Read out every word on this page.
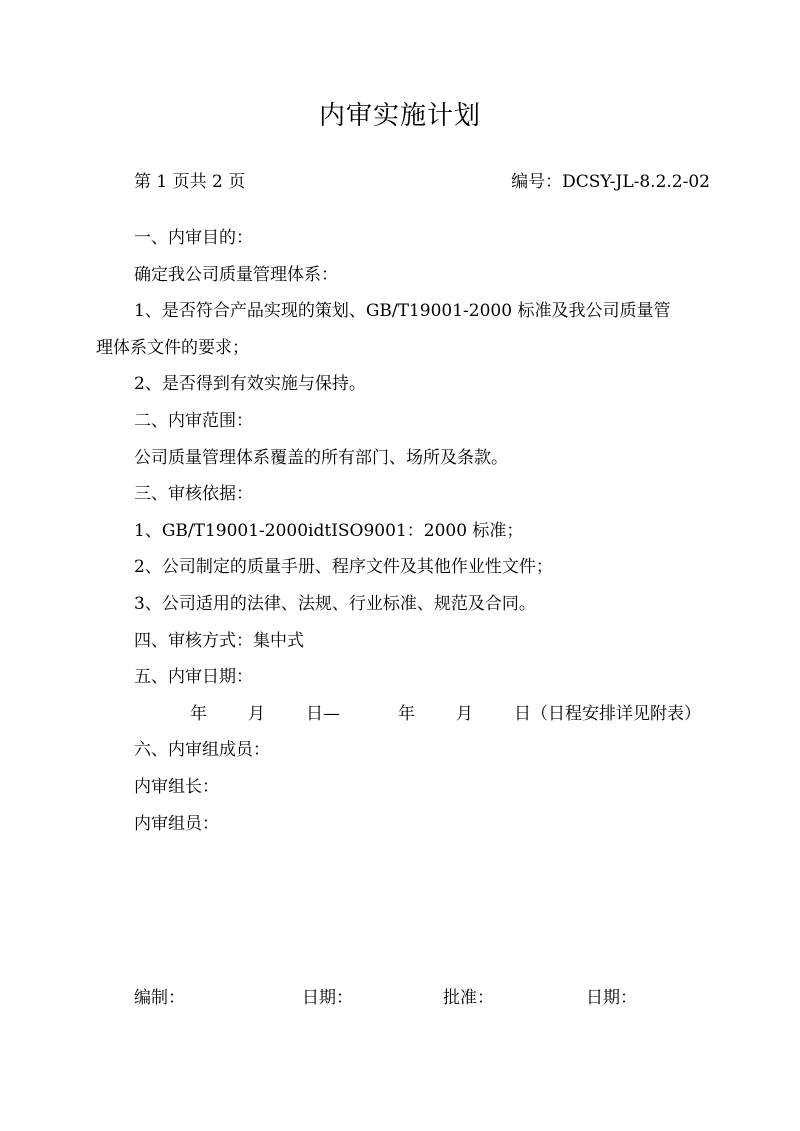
内审实施计划
第 1 页共 2 页	编号：DCSY-JL-8.2.2-02
一、内审目的：
确定我公司质量管理体系：
1、是否符合产品实现的策划、GB/T19001-2000 标准及我公司质量管
理体系文件的要求；
2、是否得到有效实施与保持。
二、内审范围：
公司质量管理体系覆盖的所有部门、场所及条款。
三、审核依据：
1、GB/T19001-2000idtISO9001：2000 标准；
2、公司制定的质量手册、程序文件及其他作业性文件；
3、公司适用的法律、法规、行业标准、规范及合同。
四、审核方式：集中式
五、内审日期：
年 月 日—	年 月 日（日程安排详见附表）
六、内审组成员：
内审组长：
内审组员：
编制：	日期：	批准：	日期：
